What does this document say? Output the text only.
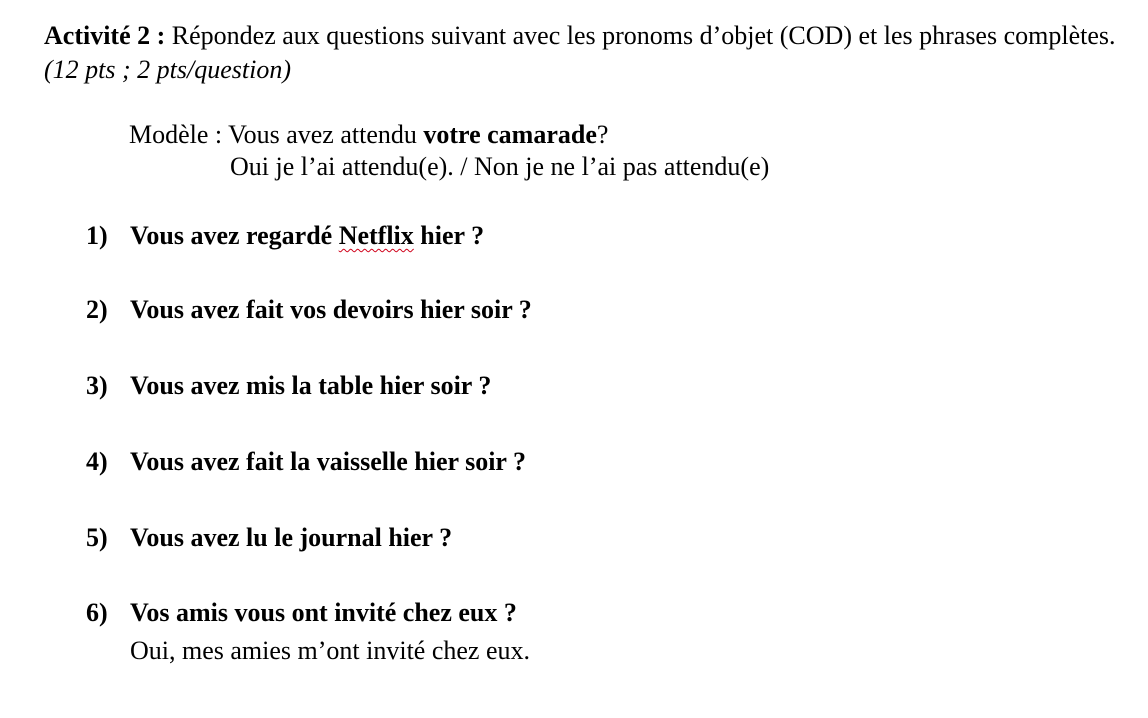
Activité 2 : Répondez aux questions suivant avec les pronoms d’objet (COD) et les phrases complètes. (12 pts ; 2 pts/question)
Modèle : Vous avez attendu votre camarade?
Oui je l’ai attendu(e). / Non je ne l’ai pas attendu(e)
1) Vous avez regardé Netflix hier ?
2) Vous avez fait vos devoirs hier soir ?
3) Vous avez mis la table hier soir ?
4) Vous avez fait la vaisselle hier soir ?
5) Vous avez lu le journal hier ?
6) Vos amis vous ont invité chez eux ?
Oui, mes amies m’ont invité chez eux.
